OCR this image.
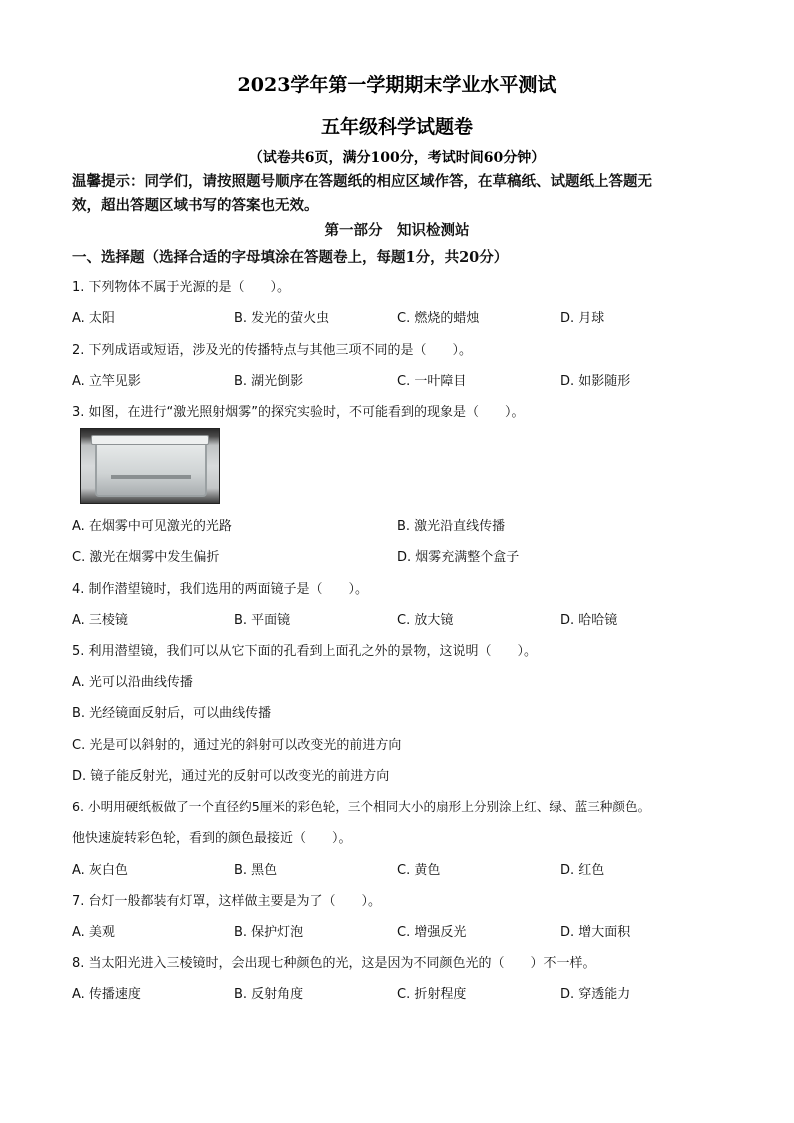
2023学年第一学期期末学业水平测试
五年级科学试题卷
（试卷共6页，满分100分，考试时间60分钟）
温馨提示：同学们，请按照题号顺序在答题纸的相应区域作答，在草稿纸、试题纸上答题无
效，超出答题区域书写的答案也无效。
第一部分　知识检测站
一、选择题（选择合适的字母填涂在答题卷上，每题1分，共20分）
1. 下列物体不属于光源的是（　　）。
A. 太阳	B. 发光的萤火虫	C. 燃烧的蜡烛	D. 月球
2. 下列成语或短语，涉及光的传播特点与其他三项不同的是（　　）。
A. 立竿见影	B. 湖光倒影	C. 一叶障目	D. 如影随形
3. 如图，在进行“激光照射烟雾”的探究实验时，不可能看到的现象是（　　）。
A. 在烟雾中可见激光的光路	B. 激光沿直线传播
C. 激光在烟雾中发生偏折	D. 烟雾充满整个盒子
4. 制作潜望镜时，我们选用的两面镜子是（　　）。
A. 三棱镜	B. 平面镜	C. 放大镜	D. 哈哈镜
5. 利用潜望镜，我们可以从它下面的孔看到上面孔之外的景物，这说明（　　）。
A. 光可以沿曲线传播
B. 光经镜面反射后，可以曲线传播
C. 光是可以斜射的，通过光的斜射可以改变光的前进方向
D. 镜子能反射光，通过光的反射可以改变光的前进方向
6. 小明用硬纸板做了一个直径约5厘米的彩色轮，三个相同大小的扇形上分别涂上红、绿、蓝三种颜色。
他快速旋转彩色轮，看到的颜色最接近（　　）。
A. 灰白色	B. 黑色	C. 黄色	D. 红色
7. 台灯一般都装有灯罩，这样做主要是为了（　　）。
A. 美观	B. 保护灯泡	C. 增强反光	D. 增大面积
8. 当太阳光进入三棱镜时，会出现七种颜色的光，这是因为不同颜色光的（　　）不一样。
A. 传播速度	B. 反射角度	C. 折射程度	D. 穿透能力
